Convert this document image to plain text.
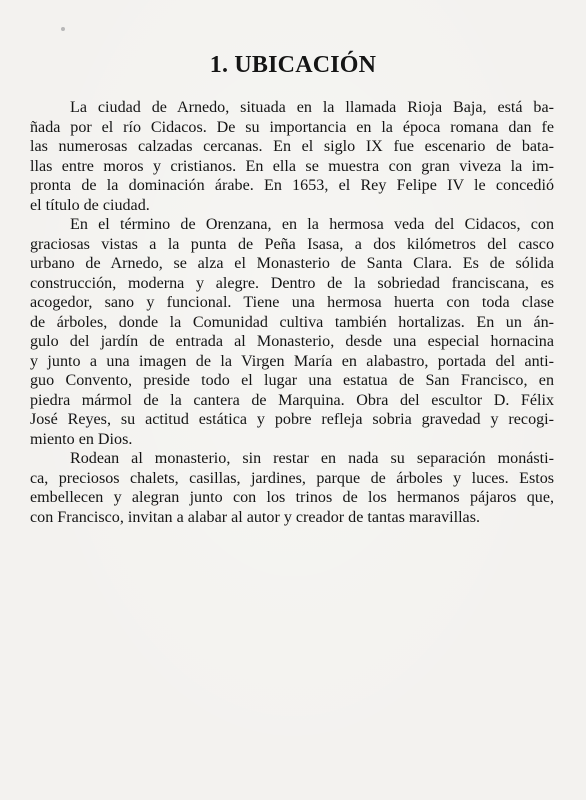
1. UBICACIÓN

La ciudad de Arnedo, situada en la llamada Rioja Baja, está ba-
ñada por el río Cidacos. De su importancia en la época romana dan fe
las numerosas calzadas cercanas. En el siglo IX fue escenario de bata-
llas entre moros y cristianos. En ella se muestra con gran viveza la im-
pronta de la dominación árabe. En 1653, el Rey Felipe IV le concedió
el título de ciudad.

En el término de Orenzana, en la hermosa veda del Cidacos, con
graciosas vistas a la punta de Peña Isasa, a dos kilómetros del casco
urbano de Arnedo, se alza el Monasterio de Santa Clara. Es de sólida
construcción, moderna y alegre. Dentro de la sobriedad franciscana, es
acogedor, sano y funcional. Tiene una hermosa huerta con toda clase
de árboles, donde la Comunidad cultiva también hortalizas. En un án-
gulo del jardín de entrada al Monasterio, desde una especial hornacina
y junto a una imagen de la Virgen María en alabastro, portada del anti-
guo Convento, preside todo el lugar una estatua de San Francisco, en
piedra mármol de la cantera de Marquina. Obra del escultor D. Félix
José Reyes, su actitud estática y pobre refleja sobria gravedad y recogi-
miento en Dios.

Rodean al monasterio, sin restar en nada su separación monásti-
ca, preciosos chalets, casillas, jardines, parque de árboles y luces. Estos
embellecen y alegran junto con los trinos de los hermanos pájaros que,
con Francisco, invitan a alabar al autor y creador de tantas maravillas.
